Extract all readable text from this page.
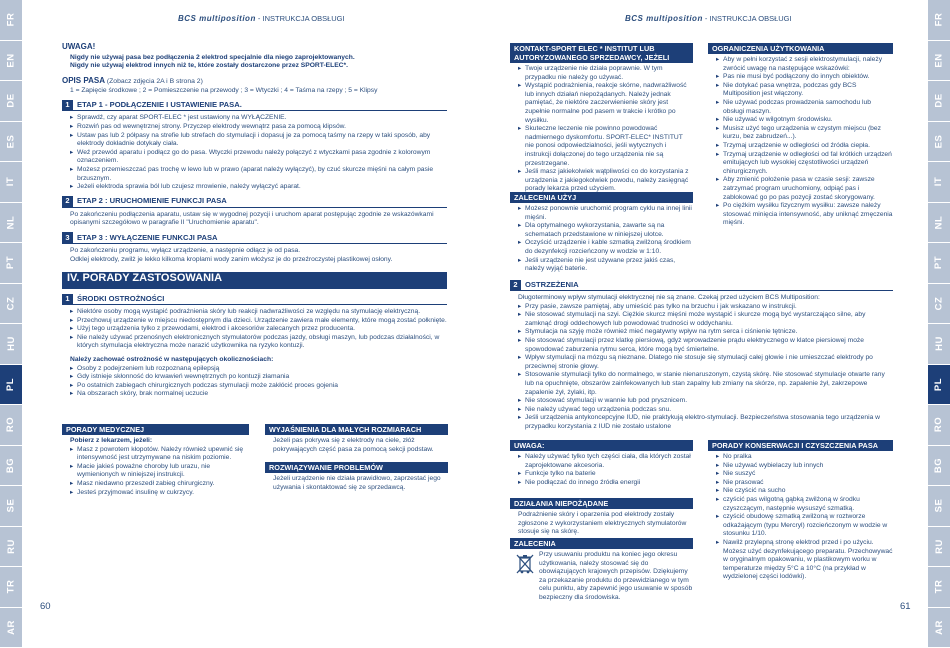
FR
EN
DE
ES
IT
NL
PT
CZ
HU
PL
RO
BG
SE
RU
TR
AR
FR
EN
DE
ES
IT
NL
PT
CZ
HU
PL
RO
BG
SE
RU
TR
AR
BCS multiposition - INSTRUKCJA OBSŁUGI	BCS multiposition - INSTRUKCJA OBSŁUGI
UWAGA!

Nigdy nie używaj pasa bez podłączenia 2 elektrod specjalnie dla niego zaprojektowanych.

Nigdy nie używaj elektrod innych niż te, które zostały dostarczone przez SPORT-ELEC*.

OPIS PASA (Zobacz zdjęcia 2A i B strona 2)

1 = Zapięcie środkowe ; 2 = Pomieszczenie na przewody ; 3 = Wtyczki ; 4 = Taśma na rzepy ; 5 = Klipsy

1 ETAP 1 - PODŁĄCZENIE I USTAWIENIE PASA.
▸ Sprawdź, czy aparat SPORT-ELEC * jest ustawiony na WYŁĄCZENIE.
▸ Rozwiń pas od wewnętrznej strony. Przyczep elektrody wewnątrz pasa za pomocą klipsów.
▸ Ustaw pas lub 2 półpasy na strefie lub strefach do stymulacji i dopasuj je za pomocą taśmy na rzepy w taki sposób, aby elektrody dokładnie dotykały ciała.
▸ Weź przewód aparatu i podłącz go do pasa. Wtyczki przewodu należy połączyć z wtyczkami pasa zgodnie z kolorowym oznaczeniem.
▸ Możesz przemieszczać pas trochę w lewo lub w prawo (aparat należy wyłączyć), by czuć skurcze mięśni na całym pasie brzusznym.
▸ Jeżeli elektroda sprawia ból lub czujesz mrowienie, należy wyłączyć aparat.
2 ETAP 2 : URUCHOMIENIE FUNKCJI PASA

Po zakończeniu podłączenia aparatu, ustaw się w wygodnej pozycji i uruchom aparat postępując zgodnie ze wskazówkami opisanymi szczegółowo w paragrafie II "Uruchomienie aparatu".

3 ETAP 3 : WYŁĄCZENIE FUNKCJI PASA

Po zakończeniu programu, wyłącz urządzenie, a następnie odłącz je od pasa.

Odklej elektrody, zwilż je lekko kilkoma kroplami wody zanim włożysz je do przeźroczystej plastikowej osłony.

IV. PORADY ZASTOSOWANIA
1 ŚRODKI OSTROŻNOŚCI
▸ Niektóre osoby mogą wystąpić podrażnienia skóry lub reakcji nadwrażliwości ze względu na stymulację elektryczną.
▸ Przechowuj urządzenie w miejscu niedostępnym dla dzieci. Urządzenie zawiera małe elementy, które mogą zostać połknięte.
▸ Użyj tego urządzenia tylko z przewodami, elektrod i akcesoriów zalecanych przez producenta.
▸ Nie należy używać przenośnych elektronicznych stymulatorów podczas jazdy, obsługi maszyn, lub podczas działalności, w których stymulacja elektryczna może narazić użytkownika na ryzyko kontuzji.

Należy zachować ostrożność w następujących okolicznościach:

▸ Osoby z podejrzeniem lub rozpoznaną epilepsją
▸ Gdy istnieje skłonność do krwawień wewnętrznych po kontuzji złamania
▸ Po ostatnich zabiegach chirurgicznych podczas stymulacji może zakłócić proces gojenia
▸ Na obszarach skóry, brak normalnej uczucie
PORADY MEDYCZNEJ

Pobierz z lekarzem, jeżeli:

▸ Masz z powrotem kłopotów. Należy również upewnić się intensywność jest utrzymywane na niskim poziomie.
▸ Macie jakieś poważne choroby lub urazu, nie wymienionych w niniejszej instrukcji.
▸ Masz niedawno przeszedł zabieg chirurgiczny.
▸ Jesteś przyjmować insulinę w cukrzycy.
WYJAŚNIENIA DLA MAŁYCH ROZMIARACH

Jeżeli pas pokrywa się z elektrody na ciele, złóż pokrywających część pasa za pomocą sekcji podstaw.

ROZWIĄZYWANIE PROBLEMÓW

Jeżeli urządzenie nie działa prawidłowo, zaprzestać jego używania i skontaktować się ze sprzedawcą.

KONTAKT-SPORT ELEC * INSTITUT LUB AUTORYZOWANEGO SPRZEDAWCY, JEŻELI
▸ Twoje urządzenie nie działa poprawnie. W tym przypadku nie należy go używać.
▸ Wystąpić podrażnienia, reakcje skórne, nadwrażliwość lub innych działań niepożądanych. Należy jednak pamiętać, że niektóre zaczerwienienie skóry jest zupełnie normalne pod pasem w trakcie i krótko po wysiłku.
▸ Skuteczne leczenie nie powinno powodować nadmiernego dyskomfortu. SPORT-ELEC* INSTITUT nie ponosi odpowiedzialności, jeśli wytycznych i instrukcji dołączonej do tego urządzenia nie są przestrzegane.
▸ Jeśli masz jakiekolwiek wątpliwości co do korzystania z urządzenia z jakiegokolwiek powodu, należy zasięgnąć porady lekarza przed użyciem.
ZALECENIA UŻYJ
▸ Możesz ponownie uruchomić program cyklu na innej linii mięśni.
▸ Dla optymalnego wykorzystania, zawarte są na schematach przedstawione w niniejszej ulotce.
▸ Oczyścić urządzenie i kable szmatką zwilżoną środkiem do dezynfekcji rozcieńczony w wodzie w 1:10.
▸ Jeśli urządzenie nie jest używane przez jakiś czas, należy wyjąć baterie.
OGRANICZENIA UŻYTKOWANIA
▸ Aby w pełni korzystać z sesji elektrostymulacji, należy zwrócić uwagę na następujące wskazówki:
▸ Pas nie musi być podłączony do innych obiektów.
▸ Nie dotykać pasa wnętrza, podczas gdy BCS Multiposition jest włączony.
▸ Nie używać podczas prowadzenia samochodu lub obsługi maszyn.
▸ Nie używać w wilgotnym środowisku.
▸ Musisz użyć tego urządzenia w czystym miejscu (bez kurzu, bez zabrudzeń...).
▸ Trzymaj urządzenie w odległości od źródła ciepła.
▸ Trzymaj urządzenie w odległości od fal krótkich urządzeń emitujących lub wysokiej częstotliwości urządzeń chirurgicznych.
▸ Aby zmienić położenie pasa w czasie sesji: zawsze zatrzymać program uruchomiony, odpiąć pas i zablokować go po pas pozycji zostać skorygowany.
▸ Po ciężkim wysiłku fizycznym wysiłku: zawsze należy stosować minięcia intensywność, aby uniknąć zmęczenia mięśni.
2 OSTRZEŻENIA

Długoterminowy wpływ stymulacji elektrycznej nie są znane. Czekaj przed użyciem BCS Multiposition:

▸ Przy pasie, zawsze pamiętaj, aby umieścić pas tylko na brzuchu i jak wskazano w instrukcji.
▸ Nie stosować stymulacji na szyi. Ciężkie skurcz mięśni może wystąpić i skurcze mogą być wystarczająco silne, aby zamknąć drogi oddechowych lub powodować trudności w oddychaniu.
▸ Stymulacja na szyję może również mieć negatywny wpływ na rytm serca i ciśnienie tętnicze.
▸ Nie stosować stymulacji przez klatkę piersiową, gdyż wprowadzenie prądu elektrycznego w klatce piersiowej może spowodować zaburzenia rytmu serca, które mogą być śmiertelne.
▸ Wpływ stymulacji na mózgu są nieznane. Dlatego nie stosuje się stymulacji całej głowie i nie umieszczać elektrody po przeciwnej stronie głowy.
▸ Stosowanie stymulacji tylko do normalnego, w stanie nienaruszonym, czystą skórę. Nie stosować stymulacje otwarte rany lub na opuchnięte, obszarów zainfekowanych lub stan zapalny lub zmiany na skórze, np. zapalenie żył, zakrzepowe zapalenie żył, żylaki, itp.
▸ Nie stosować stymulacji w wannie lub pod prysznicem.
▸ Nie należy używać tego urządzenia podczas snu.
▸ Jeśli urządzenia antykoncepcyjne IUD, nie praktykują elektro-stymulacji. Bezpieczeństwa stosowania tego urządzenia w przypadku korzystania z IUD nie zostało ustalone
UWAGA:
▸ Należy używać tylko tych części ciała, dla których został zaprojektowane akcesoria.
▸ Funkcje tylko na baterie
▸ Nie podłączać do innego źródła energii
DZIAŁANIA NIEPOŻĄDANE

Podrażnienie skóry i oparzenia pod elektrody zostały zgłoszone z wykorzystaniem elektrycznych stymulatorów stosuje się na skórę.

ZALECENIA

Przy usuwaniu produktu na koniec jego okresu użytkowania, należy stosować się do obowiązujących krajowych przepisów. Dziękujemy za przekazanie produktu do przewidzianego w tym celu punktu, aby zapewnić jego usuwanie w sposób bezpieczny dla środowiska.

PORADY KONSERWACJI I CZYSZCZENIA PASA
▸ No pralka
▸ Nie używać wybielaczy lub innych
▸ Nie suszyć
▸ Nie prasować
▸ Nie czyścić na sucho
▸ czyścić pas wilgotną gąbką zwilżoną w środku czyszczącym, następnie wysuszyć szmatką.
▸ czyścić obudowę szmatką zwilżoną w roztworze odkażającym (typu Mercryl) rozcieńczonym w wodzie w stosunku 1/10.
▸ Nawilż przylepną stronę elektrod przed i po użyciu. Możesz użyć dezynfekującego preparatu. Przechowywać w oryginalnym opakowaniu, w plastikowym worku w temperaturze między 5°C a 10°C (na przykład w wydzielonej części lodówki).
60	61
